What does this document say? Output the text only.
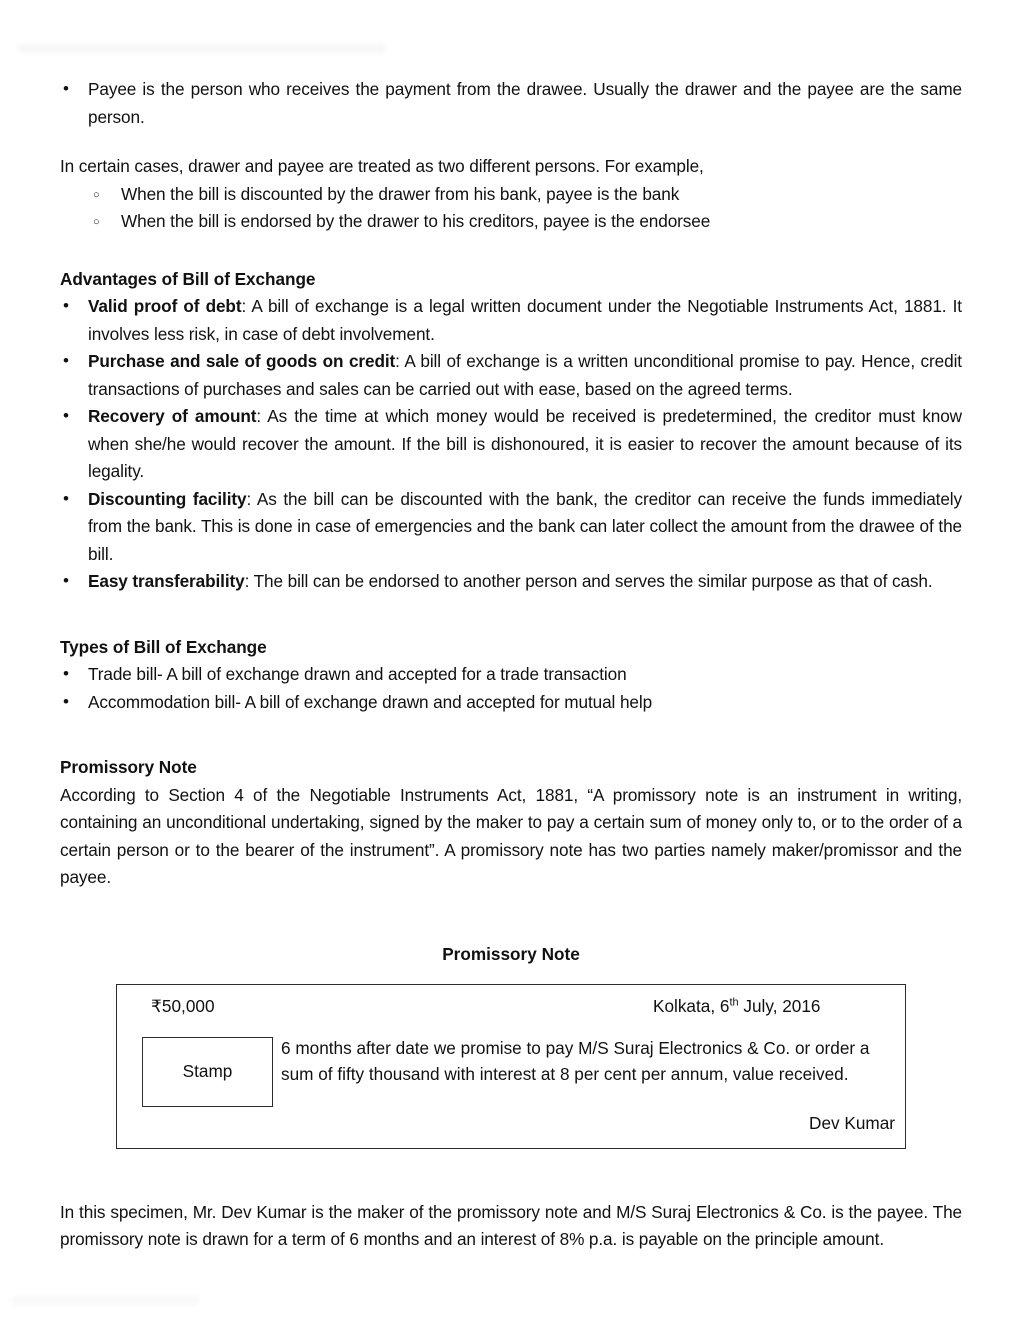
• Payee is the person who receives the payment from the drawee. Usually the drawer and the payee are the same person.

In certain cases, drawer and payee are treated as two different persons. For example,

○ When the bill is discounted by the drawer from his bank, payee is the bank
○ When the bill is endorsed by the drawer to his creditors, payee is the endorsee
Advantages of Bill of Exchange
• Valid proof of debt: A bill of exchange is a legal written document under the Negotiable Instruments Act, 1881. It involves less risk, in case of debt involvement.
• Purchase and sale of goods on credit: A bill of exchange is a written unconditional promise to pay. Hence, credit transactions of purchases and sales can be carried out with ease, based on the agreed terms.
• Recovery of amount: As the time at which money would be received is predetermined, the creditor must know when she/he would recover the amount. If the bill is dishonoured, it is easier to recover the amount because of its legality.
• Discounting facility: As the bill can be discounted with the bank, the creditor can receive the funds immediately from the bank. This is done in case of emergencies and the bank can later collect the amount from the drawee of the bill.
• Easy transferability: The bill can be endorsed to another person and serves the similar purpose as that of cash.
Types of Bill of Exchange
• Trade bill- A bill of exchange drawn and accepted for a trade transaction
• Accommodation bill- A bill of exchange drawn and accepted for mutual help
Promissory Note

According to Section 4 of the Negotiable Instruments Act, 1881, “A promissory note is an instrument in writing, containing an unconditional undertaking, signed by the maker to pay a certain sum of money only to, or to the order of a certain person or to the bearer of the instrument”. A promissory note has two parties namely maker/promissor and the payee.

Promissory Note
₹50,000	Kolkata, 6th July, 2016
Stamp
6 months after date we promise to pay M/S Suraj Electronics & Co. or order a sum of fifty thousand with interest at 8 per cent per annum, value received.
Dev Kumar

In this specimen, Mr. Dev Kumar is the maker of the promissory note and M/S Suraj Electronics & Co. is the payee. The promissory note is drawn for a term of 6 months and an interest of 8% p.a. is payable on the principle amount.
